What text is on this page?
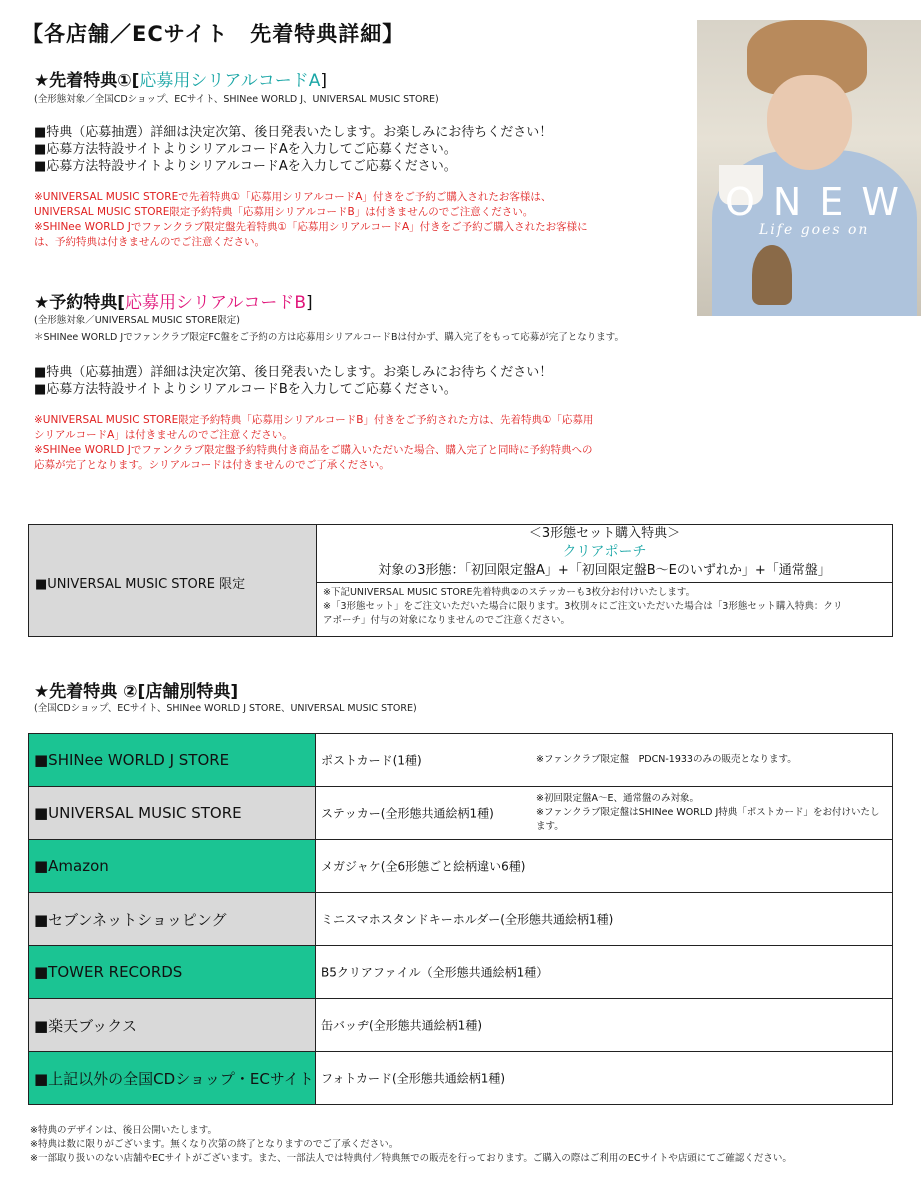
【各店舗／ECサイト　先着特典詳細】
ONEW
Life goes on
★先着特典①[応募用シリアルコードA]
(全形態対象／全国CDショップ、ECサイト、SHINee WORLD J、UNIVERSAL MUSIC STORE)
■特典（応募抽選）詳細は決定次第、後日発表いたします。お楽しみにお待ちください！
■応募方法特設サイトよりシリアルコードAを入力してご応募ください。
■応募方法特設サイトよりシリアルコードAを入力してご応募ください。
※UNIVERSAL MUSIC STOREで先着特典①「応募用シリアルコードA」付きをご予約ご購入されたお客様は、
UNIVERSAL MUSIC STORE限定予約特典「応募用シリアルコードB」は付きませんのでご注意ください。
※SHINee WORLD Jでファンクラブ限定盤先着特典①「応募用シリアルコードA」付きをご予約ご購入されたお客様に
は、予約特典は付きませんのでご注意ください。
★予約特典[応募用シリアルコードB]
(全形態対象／UNIVERSAL MUSIC STORE限定)
＊SHINee WORLD Jでファンクラブ限定FC盤をご予約の方は応募用シリアルコードBは付かず、購入完了をもって応募が完了となります。
■特典（応募抽選）詳細は決定次第、後日発表いたします。お楽しみにお待ちください！
■応募方法特設サイトよりシリアルコードBを入力してご応募ください。
※UNIVERSAL MUSIC STORE限定予約特典「応募用シリアルコードB」付きをご予約された方は、先着特典①「応募用
シリアルコードA」は付きませんのでご注意ください。
※SHINee WORLD Jでファンクラブ限定盤予約特典付き商品をご購入いただいた場合、購入完了と同時に予約特典への
応募が完了となります。シリアルコードは付きませんのでご了承ください。
■UNIVERSAL MUSIC STORE 限定
＜3形態セット購入特典＞
クリアポーチ
対象の3形態：「初回限定盤A」+「初回限定盤B～Eのいずれか」+「通常盤」
※下記UNIVERSAL MUSIC STORE先着特典②のステッカーも3枚分お付けいたします。
※「3形態セット」をご注文いただいた場合に限ります。3枚別々にご注文いただいた場合は「3形態セット購入特典：クリ
アポーチ」付与の対象になりませんのでご注意ください。
★先着特典 ②[店舗別特典]
(全国CDショップ、ECサイト、SHINee WORLD J STORE、UNIVERSAL MUSIC STORE)
■SHINee WORLD J STORE	ポストカード(1種) ※ファンクラブ限定盤　PDCN-1933のみの販売となります。

■UNIVERSAL MUSIC STORE	ステッカー(全形態共通絵柄1種)
※初回限定盤A～E、通常盤のみ対象。
※ファンクラブ限定盤はSHINee WORLD J特典「ポストカード」をお付けいたします。

■Amazon	メガジャケ(全6形態ごと絵柄違い6種)

■セブンネットショッピング	ミニスマホスタンドキーホルダー(全形態共通絵柄1種)

■TOWER RECORDS	B5クリアファイル（全形態共通絵柄1種）

■楽天ブックス	缶バッヂ(全形態共通絵柄1種)

■上記以外の全国CDショップ・ECサイト	フォトカード(全形態共通絵柄1種)
※特典のデザインは、後日公開いたします。
※特典は数に限りがございます。無くなり次第の終了となりますのでご了承ください。
※一部取り扱いのない店舗やECサイトがございます。また、一部法人では特典付／特典無での販売を行っております。ご購入の際はご利用のECサイトや店頭にてご確認ください。
